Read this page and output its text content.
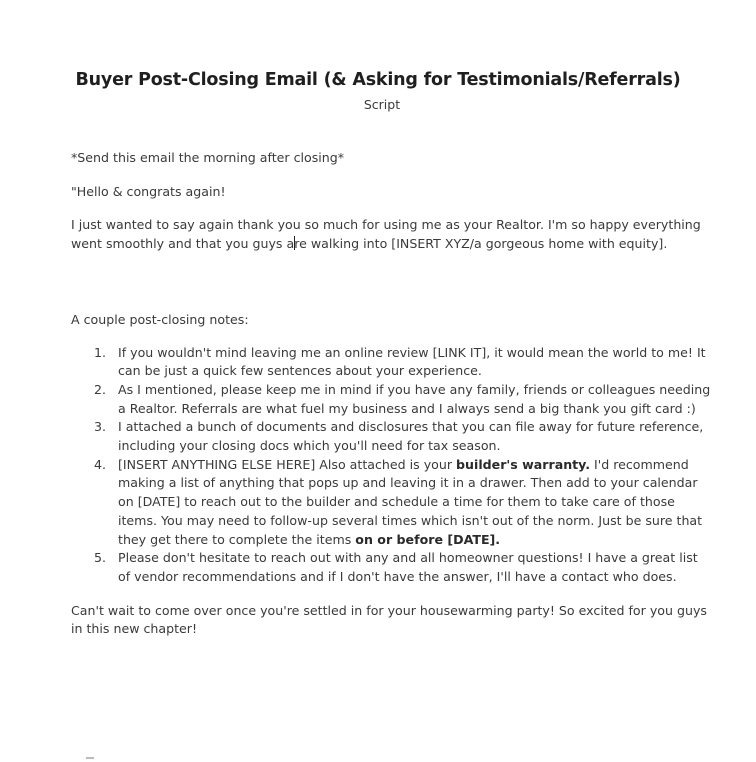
Buyer Post-Closing Email (& Asking for Testimonials/Referrals)
Script

*Send this email the morning after closing*

"Hello & congrats again!

I just wanted to say again thank you so much for using me as your Realtor. I'm so happy everything went smoothly and that you guys are walking into [INSERT XYZ/a gorgeous home with equity].

A couple post-closing notes:

1. If you wouldn't mind leaving me an online review [LINK IT], it would mean the world to me! It can be just a quick few sentences about your experience.
2. As I mentioned, please keep me in mind if you have any family, friends or colleagues needing a Realtor. Referrals are what fuel my business and I always send a big thank you gift card :)
3. I attached a bunch of documents and disclosures that you can file away for future reference, including your closing docs which you'll need for tax season.
4. [INSERT ANYTHING ELSE HERE] Also attached is your builder's warranty. I'd recommend making a list of anything that pops up and leaving it in a drawer. Then add to your calendar on [DATE] to reach out to the builder and schedule a time for them to take care of those items. You may need to follow-up several times which isn't out of the norm. Just be sure that they get there to complete the items on or before [DATE].
5. Please don't hesitate to reach out with any and all homeowner questions! I have a great list of vendor recommendations and if I don't have the answer, I'll have a contact who does.

Can't wait to come over once you're settled in for your housewarming party! So excited for you guys in this new chapter!
